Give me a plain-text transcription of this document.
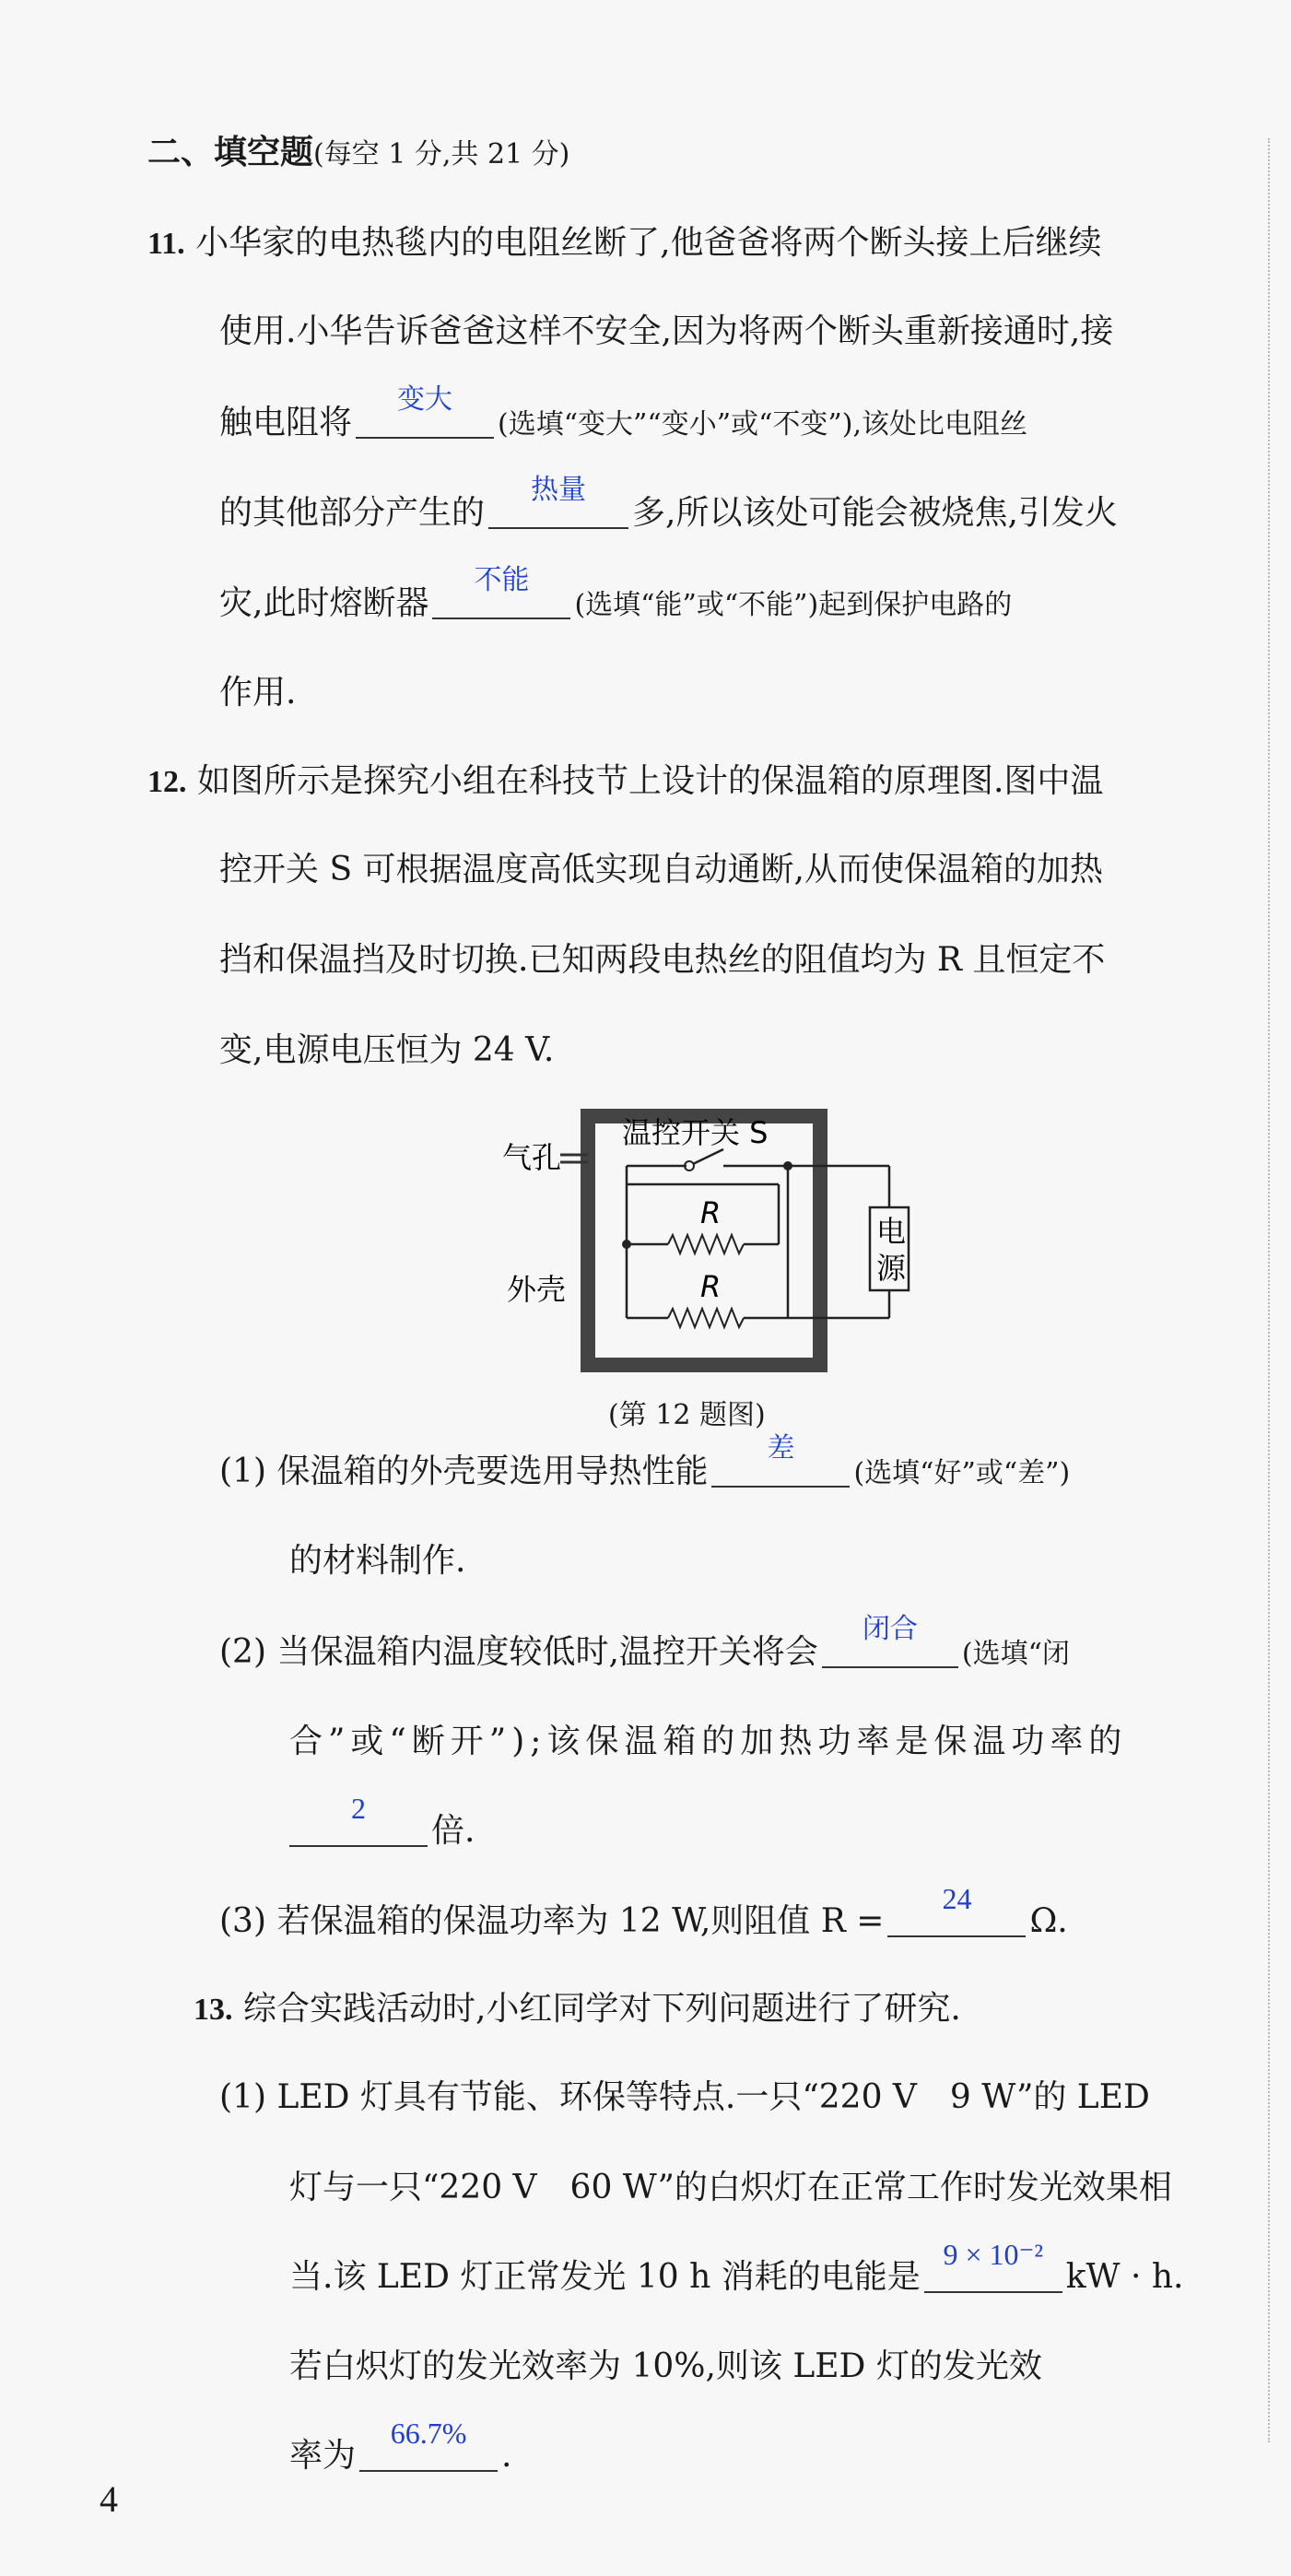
二、填空题(每空 1 分,共 21 分)
11. 小华家的电热毯内的电阻丝断了,他爸爸将两个断头接上后继续
使用.小华告诉爸爸这样不安全,因为将两个断头重新接通时,接
触电阻将
变大
(选填“变大”“变小”或“不变”),该处比电阻丝
的其他部分产生的
热量
多,所以该处可能会被烧焦,引发火
灾,此时熔断器
不能
(选填“能”或“不能”)起到保护电路的
作用.
12. 如图所示是探究小组在科技节上设计的保温箱的原理图.图中温
控开关 S 可根据温度高低实现自动通断,从而使保温箱的加热
挡和保温挡及时切换.已知两段电热丝的阻值均为 R 且恒定不
变,电源电压恒为 24 V.
气孔
温控开关 S
R
R
电
源
外壳
(第 12 题图)
(1) 保温箱的外壳要选用导热性能
差
(选填“好”或“差”)
的材料制作.
(2) 当保温箱内温度较低时,温控开关将会
闭合
(选填“闭
合”或“断开”);该保温箱的加热功率是保温功率的
2
倍.
(3) 若保温箱的保温功率为 12 W,则阻值 R =
24
Ω.
13. 综合实践活动时,小红同学对下列问题进行了研究.
(1) LED 灯具有节能、环保等特点.一只“220 V　9 W”的 LED
灯与一只“220 V　60 W”的白炽灯在正常工作时发光效果相
当.该 LED 灯正常发光 10 h 消耗的电能是
9 × 10⁻²
kW · h.
若白炽灯的发光效率为 10%,则该 LED 灯的发光效
率为
66.7%
.
4
